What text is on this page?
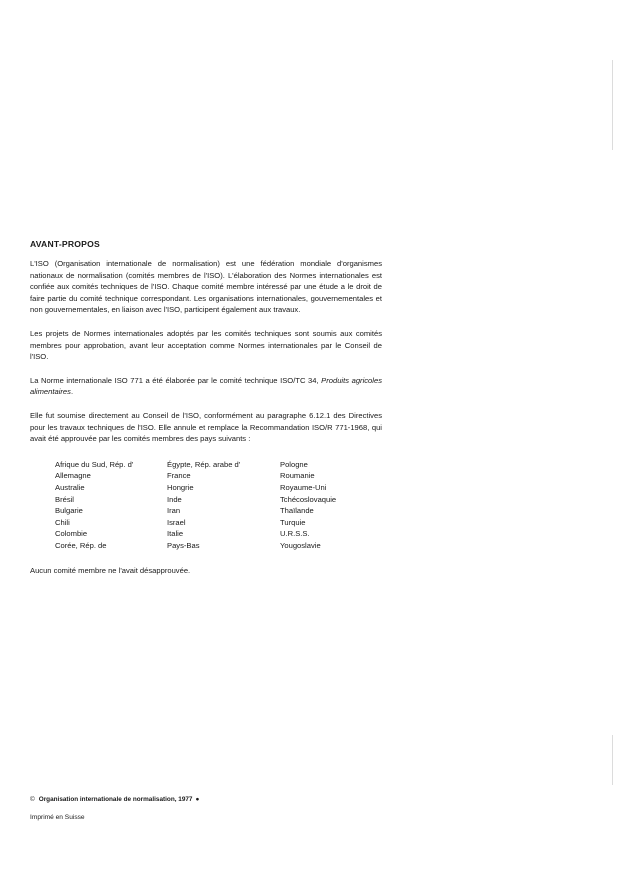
AVANT-PROPOS

L'ISO (Organisation internationale de normalisation) est une fédération mondiale d'organismes nationaux de normalisation (comités membres de l'ISO). L'élaboration des Normes internationales est confiée aux comités techniques de l'ISO. Chaque comité membre intéressé par une étude a le droit de faire partie du comité technique correspondant. Les organisations internationales, gouvernementales et non gouvernementales, en liaison avec l'ISO, participent également aux travaux.

Les projets de Normes internationales adoptés par les comités techniques sont soumis aux comités membres pour approbation, avant leur acceptation comme Normes internationales par le Conseil de l'ISO.

La Norme internationale ISO 771 a été élaborée par le comité technique ISO/TC 34, Produits agricoles alimentaires.

Elle fut soumise directement au Conseil de l'ISO, conformément au paragraphe 6.12.1 des Directives pour les travaux techniques de l'ISO. Elle annule et remplace la Recommandation ISO/R 771-1968, qui avait été approuvée par les comités membres des pays suivants :

Afrique du Sud, Rép. d'
Allemagne
Australie
Brésil
Bulgarie
Chili
Colombie
Corée, Rép. de
Égypte, Rép. arabe d'
France
Hongrie
Inde
Iran
Israel
Italie
Pays-Bas
Pologne
Roumanie
Royaume-Uni
Tchécoslovaquie
Thaïlande
Turquie
U.R.S.S.
Yougoslavie

Aucun comité membre ne l'avait désapprouvée.

© Organisation internationale de normalisation, 1977 ●
Imprimé en Suisse
